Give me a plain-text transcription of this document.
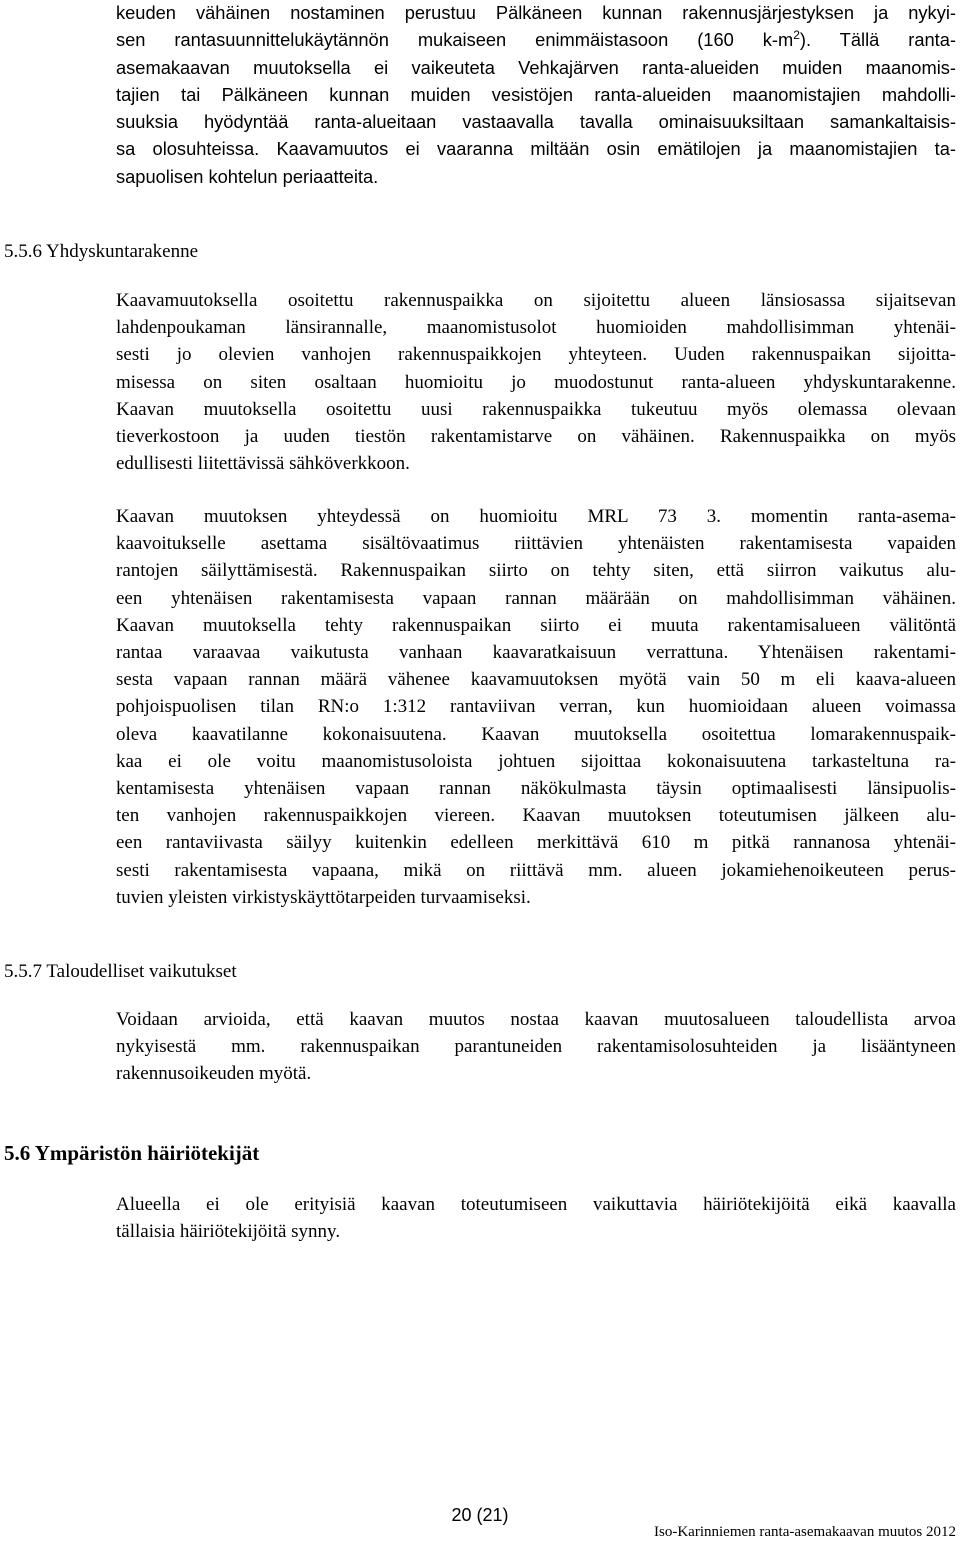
keuden vähäinen nostaminen perustuu Pälkäneen kunnan rakennusjärjestyksen ja nykyi-
sen rantasuunnittelukäytännön mukaiseen enimmäistasoon (160 $k-m^2$). Tällä ranta-
asemakaavan muutoksella ei vaikeuteta Vehkajärven ranta-alueiden muiden maanomis-
tajien tai Pälkäneen kunnan muiden vesistöjen ranta-alueiden maanomistajien mahdolli-
suuksia hyödyntää ranta-alueitaan vastaavalla tavalla ominaisuuksiltaan samankaltaisis-
sa olosuhteissa. Kaavamuutos ei vaaranna miltään osin emätilojen ja maanomistajien ta-
sapuolisen kohtelun periaatteita.
5.5.6 Yhdyskuntarakenne
Kaavamuutoksella osoitettu rakennuspaikka on sijoitettu alueen länsiosassa sijaitsevan
lahdenpoukaman länsirannalle, maanomistusolot huomioiden mahdollisimman yhtenäi-
sesti jo olevien vanhojen rakennuspaikkojen yhteyteen. Uuden rakennuspaikan sijoitta-
misessa on siten osaltaan huomioitu jo muodostunut ranta-alueen yhdyskuntarakenne.
Kaavan muutoksella osoitettu uusi rakennuspaikka tukeutuu myös olemassa olevaan
tieverkostoon ja uuden tiestön rakentamistarve on vähäinen. Rakennuspaikka on myös
edullisesti liitettävissä sähköverkkoon.
Kaavan muutoksen yhteydessä on huomioitu MRL 73 3. momentin ranta-asema-
kaavoitukselle asettama sisältövaatimus riittävien yhtenäisten rakentamisesta vapaiden
rantojen säilyttämisestä. Rakennuspaikan siirto on tehty siten, että siirron vaikutus alu-
een yhtenäisen rakentamisesta vapaan rannan määrään on mahdollisimman vähäinen.
Kaavan muutoksella tehty rakennuspaikan siirto ei muuta rakentamisalueen välitöntä
rantaa varaavaa vaikutusta vanhaan kaavaratkaisuun verrattuna. Yhtenäisen rakentami-
sesta vapaan rannan määrä vähenee kaavamuutoksen myötä vain 50 m eli kaava-alueen
pohjoispuolisen tilan RN:o 1:312 rantaviivan verran, kun huomioidaan alueen voimassa
oleva kaavatilanne kokonaisuutena. Kaavan muutoksella osoitettua lomarakennuspaik-
kaa ei ole voitu maanomistusoloista johtuen sijoittaa kokonaisuutena tarkasteltuna ra-
kentamisesta yhtenäisen vapaan rannan näkökulmasta täysin optimaalisesti länsipuolis-
ten vanhojen rakennuspaikkojen viereen. Kaavan muutoksen toteutumisen jälkeen alu-
een rantaviivasta säilyy kuitenkin edelleen merkittävä 610 m pitkä rannanosa yhtenäi-
sesti rakentamisesta vapaana, mikä on riittävä mm. alueen jokamiehenoikeuteen perus-
tuvien yleisten virkistyskäyttötarpeiden turvaamiseksi.
5.5.7 Taloudelliset vaikutukset
Voidaan arvioida, että kaavan muutos nostaa kaavan muutosalueen taloudellista arvoa
nykyisestä mm. rakennuspaikan parantuneiden rakentamisolosuhteiden ja lisääntyneen
rakennusoikeuden myötä.
5.6 Ympäristön häiriötekijät
Alueella ei ole erityisiä kaavan toteutumiseen vaikuttavia häiriötekijöitä eikä kaavalla
tällaisia häiriötekijöitä synny.
20 (21)
Iso-Karinniemen ranta-asemakaavan muutos 2012
